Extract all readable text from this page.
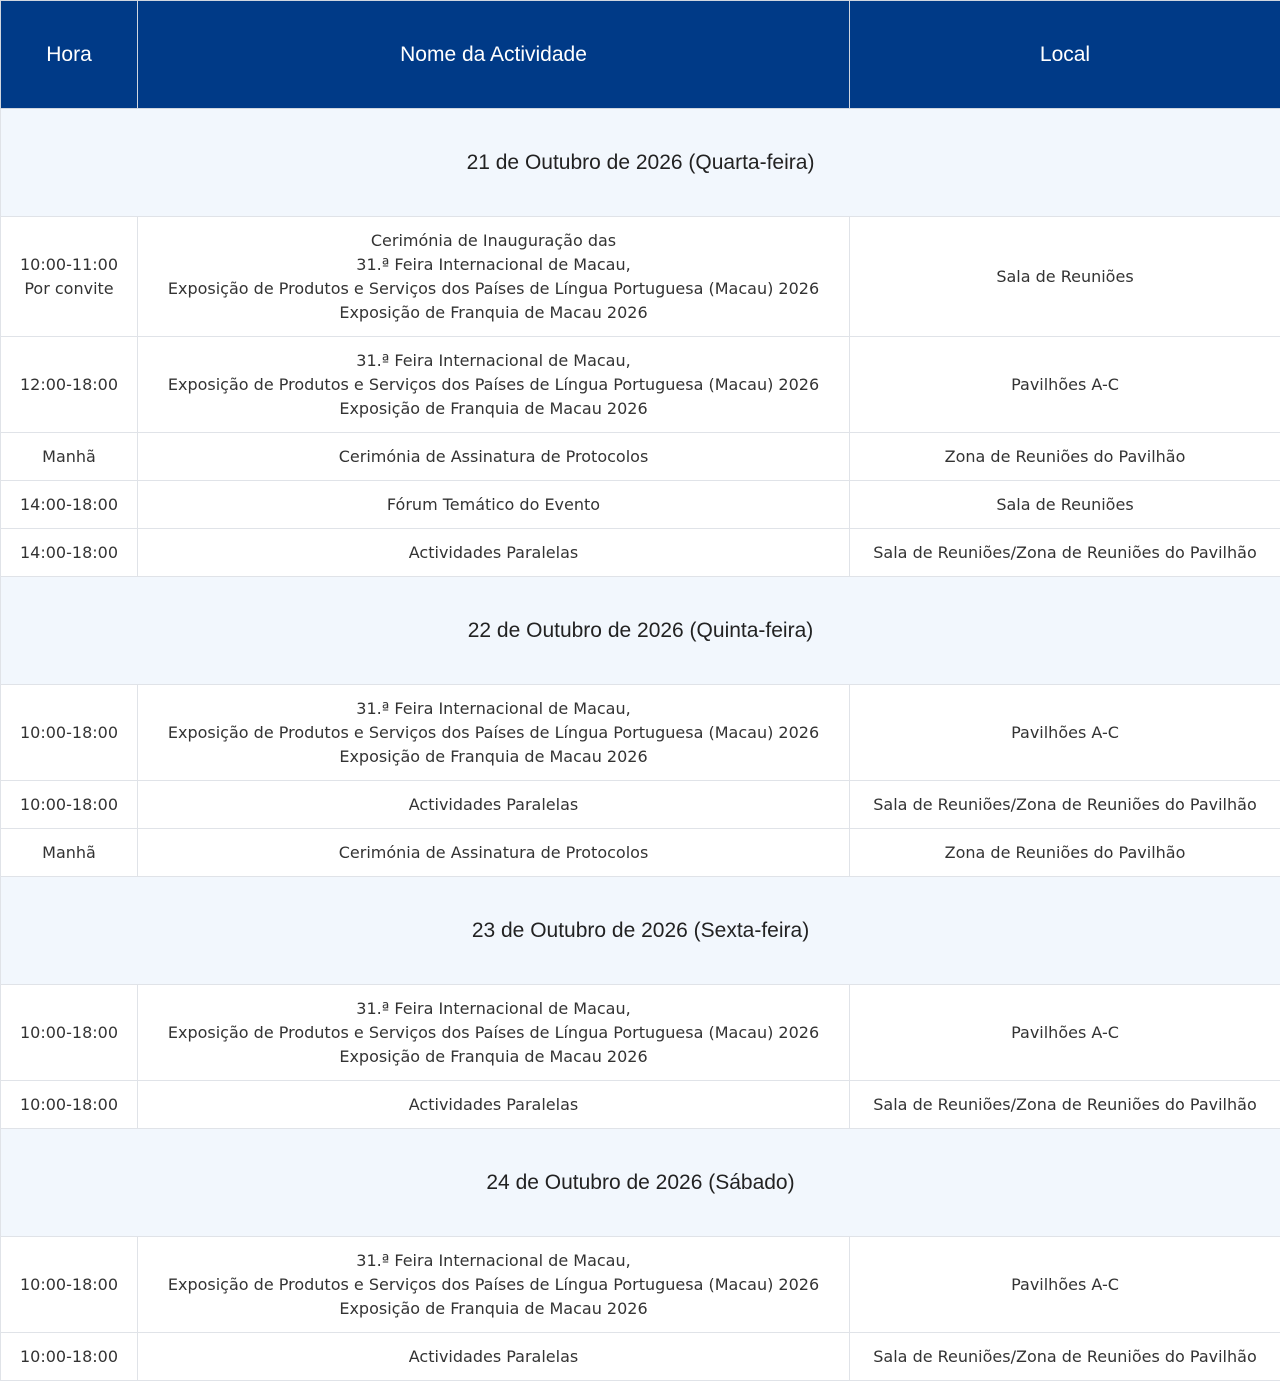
Hora	Nome da Actividade	Local
21 de Outubro de 2026 (Quarta-feira)		

10:00-11:00
Por convite	Cerimónia de Inauguração das
31.ª Feira Internacional de Macau,
Exposição de Produtos e Serviços dos Países de Língua Portuguesa (Macau) 2026
Exposição de Franquia de Macau 2026	Sala de Reuniões

12:00-18:00	31.ª Feira Internacional de Macau,
Exposição de Produtos e Serviços dos Países de Língua Portuguesa (Macau) 2026
Exposição de Franquia de Macau 2026	Pavilhões A-C

Manhã	Cerimónia de Assinatura de Protocolos	Zona de Reuniões do Pavilhão

14:00-18:00	Fórum Temático do Evento	Sala de Reuniões

14:00-18:00	Actividades Paralelas	Sala de Reuniões/Zona de Reuniões do Pavilhão
22 de Outubro de 2026 (Quinta-feira)		

10:00-18:00	31.ª Feira Internacional de Macau,
Exposição de Produtos e Serviços dos Países de Língua Portuguesa (Macau) 2026
Exposição de Franquia de Macau 2026	Pavilhões A-C

10:00-18:00	Actividades Paralelas	Sala de Reuniões/Zona de Reuniões do Pavilhão

Manhã	Cerimónia de Assinatura de Protocolos	Zona de Reuniões do Pavilhão
23 de Outubro de 2026 (Sexta-feira)		

10:00-18:00	31.ª Feira Internacional de Macau,
Exposição de Produtos e Serviços dos Países de Língua Portuguesa (Macau) 2026
Exposição de Franquia de Macau 2026	Pavilhões A-C

10:00-18:00	Actividades Paralelas	Sala de Reuniões/Zona de Reuniões do Pavilhão
24 de Outubro de 2026 (Sábado)		

10:00-18:00	31.ª Feira Internacional de Macau,
Exposição de Produtos e Serviços dos Países de Língua Portuguesa (Macau) 2026
Exposição de Franquia de Macau 2026	Pavilhões A-C

10:00-18:00	Actividades Paralelas	Sala de Reuniões/Zona de Reuniões do Pavilhão
